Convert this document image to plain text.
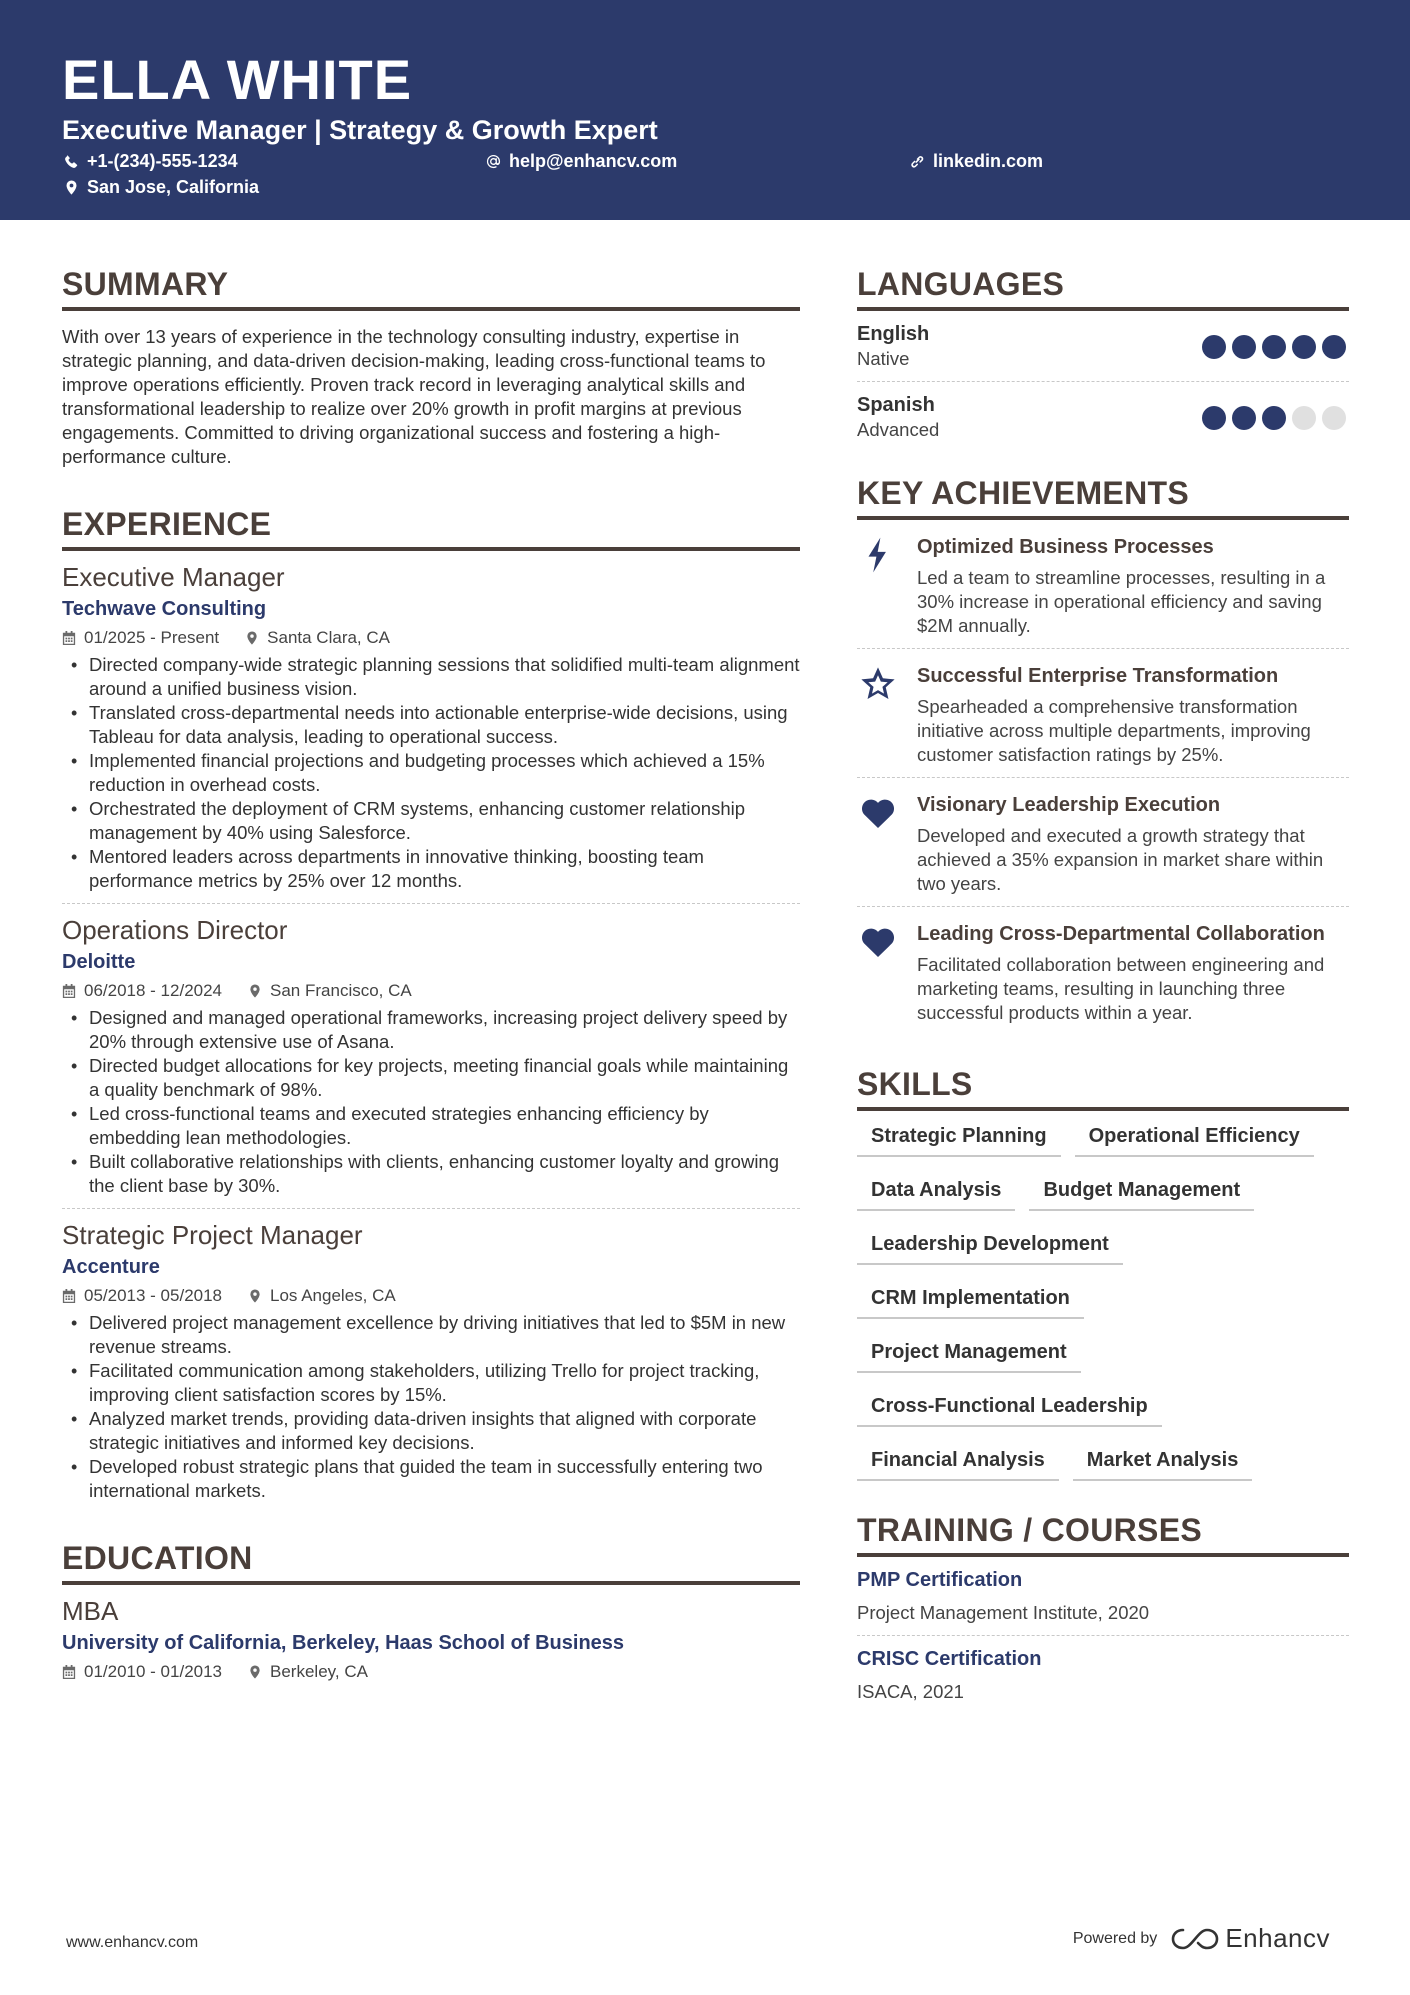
ELLA WHITE
Executive Manager | Strategy & Growth Expert
+1-(234)-555-1234	help@enhancv.com	linkedin.com
San Jose, California
SUMMARY

With over 13 years of experience in the technology consulting industry, expertise in strategic planning, and data-driven decision-making, leading cross-functional teams to improve operations efficiently. Proven track record in leveraging analytical skills and transformational leadership to realize over 20% growth in profit margins at previous engagements. Committed to driving organizational success and fostering a high-performance culture.

EXPERIENCE
Executive Manager
Techwave Consulting
01/2025 - Present	Santa Clara, CA
• Directed company-wide strategic planning sessions that solidified multi-team alignment around a unified business vision.
• Translated cross-departmental needs into actionable enterprise-wide decisions, using Tableau for data analysis, leading to operational success.
• Implemented financial projections and budgeting processes which achieved a 15% reduction in overhead costs.
• Orchestrated the deployment of CRM systems, enhancing customer relationship management by 40% using Salesforce.
• Mentored leaders across departments in innovative thinking, boosting team performance metrics by 25% over 12 months.
Operations Director
Deloitte
06/2018 - 12/2024	San Francisco, CA
• Designed and managed operational frameworks, increasing project delivery speed by 20% through extensive use of Asana.
• Directed budget allocations for key projects, meeting financial goals while maintaining a quality benchmark of 98%.
• Led cross-functional teams and executed strategies enhancing efficiency by embedding lean methodologies.
• Built collaborative relationships with clients, enhancing customer loyalty and growing the client base by 30%.
Strategic Project Manager
Accenture
05/2013 - 05/2018	Los Angeles, CA
• Delivered project management excellence by driving initiatives that led to $5M in new revenue streams.
• Facilitated communication among stakeholders, utilizing Trello for project tracking, improving client satisfaction scores by 15%.
• Analyzed market trends, providing data-driven insights that aligned with corporate strategic initiatives and informed key decisions.
• Developed robust strategic plans that guided the team in successfully entering two international markets.
EDUCATION
MBA
University of California, Berkeley, Haas School of Business
01/2010 - 01/2013	Berkeley, CA
LANGUAGES
English
Native
Spanish
Advanced
KEY ACHIEVEMENTS
Optimized Business Processes
Led a team to streamline processes, resulting in a 30% increase in operational efficiency and saving $2M annually.
Successful Enterprise Transformation
Spearheaded a comprehensive transformation initiative across multiple departments, improving customer satisfaction ratings by 25%.
Visionary Leadership Execution
Developed and executed a growth strategy that achieved a 35% expansion in market share within two years.
Leading Cross-Departmental Collaboration
Facilitated collaboration between engineering and marketing teams, resulting in launching three successful products within a year.
SKILLS
Strategic Planning	Operational Efficiency
Data Analysis	Budget Management
Leadership Development
CRM Implementation
Project Management
Cross-Functional Leadership
Financial Analysis	Market Analysis
TRAINING / COURSES
PMP Certification
Project Management Institute, 2020
CRISC Certification
ISACA, 2021
www.enhancv.com	Powered by	Enhancv
